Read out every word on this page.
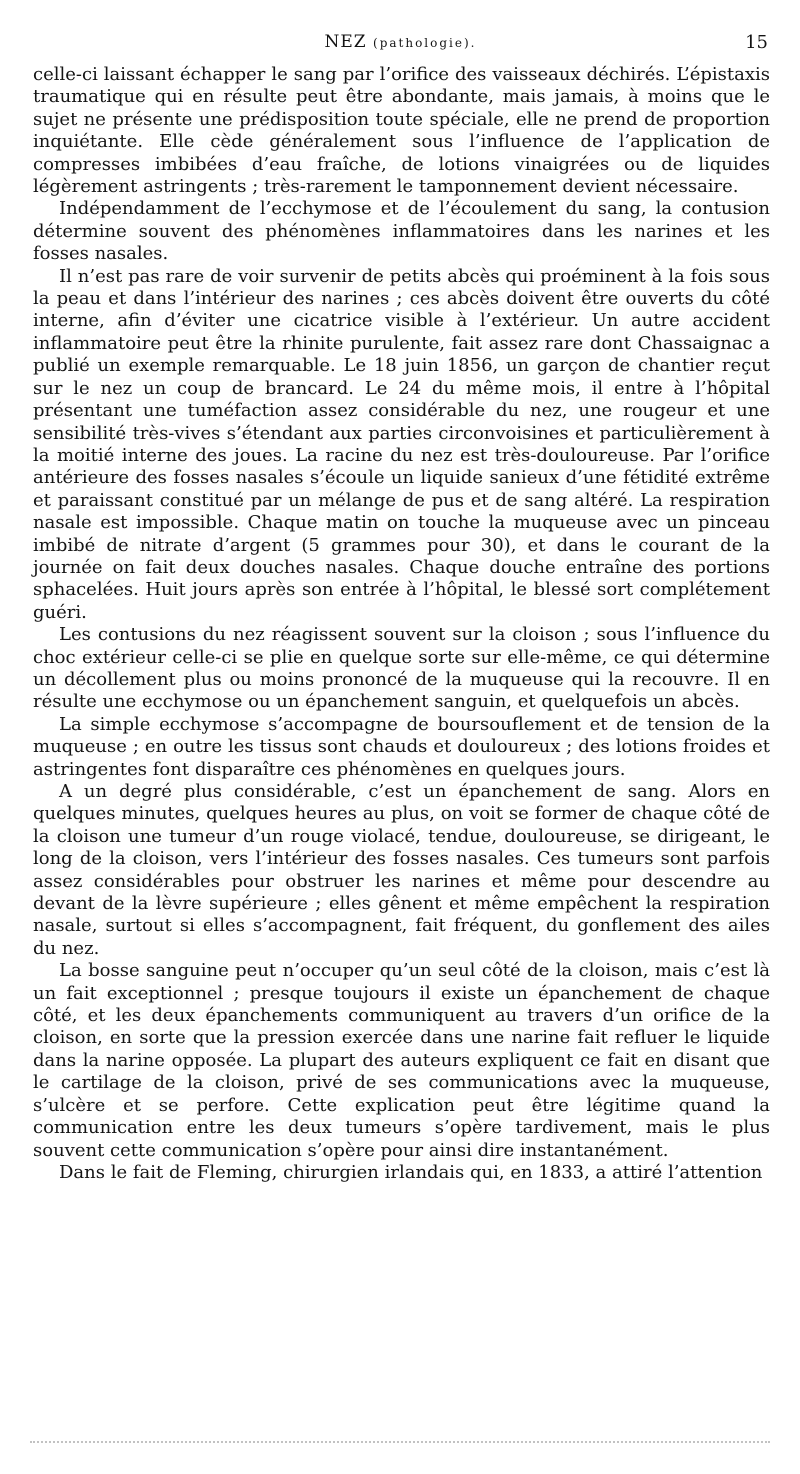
NEZ (pathologie).	15

celle-ci laissant échapper le sang par l’orifice des vaisseaux déchirés. L’épistaxis traumatique qui en résulte peut être abondante, mais jamais, à moins que le sujet ne présente une prédisposition toute spéciale, elle ne prend de proportion inquiétante. Elle cède généralement sous l’influence de l’application de compresses imbibées d’eau fraîche, de lotions vinaigrées ou de liquides légèrement astringents ; très-rarement le tamponnement devient nécessaire.

Indépendamment de l’ecchymose et de l’écoulement du sang, la contusion détermine souvent des phénomènes inflammatoires dans les narines et les fosses nasales.

Il n’est pas rare de voir survenir de petits abcès qui proéminent à la fois sous la peau et dans l’intérieur des narines ; ces abcès doivent être ouverts du côté interne, afin d’éviter une cicatrice visible à l’extérieur. Un autre accident inflammatoire peut être la rhinite purulente, fait assez rare dont Chassaignac a publié un exemple remarquable. Le 18 juin 1856, un garçon de chantier reçut sur le nez un coup de brancard. Le 24 du même mois, il entre à l’hôpital présentant une tuméfaction assez considérable du nez, une rougeur et une sensibilité très-vives s’étendant aux parties circonvoisines et particulièrement à la moitié interne des joues. La racine du nez est très-douloureuse. Par l’orifice antérieure des fosses nasales s’écoule un liquide sanieux d’une fétidité extrême et paraissant constitué par un mélange de pus et de sang altéré. La respiration nasale est impossible. Chaque matin on touche la muqueuse avec un pinceau imbibé de nitrate d’argent (5 grammes pour 30), et dans le courant de la journée on fait deux douches nasales. Chaque douche entraîne des portions sphacelées. Huit jours après son entrée à l’hôpital, le blessé sort complétement guéri.

Les contusions du nez réagissent souvent sur la cloison ; sous l’influence du choc extérieur celle-ci se plie en quelque sorte sur elle-même, ce qui détermine un décollement plus ou moins prononcé de la muqueuse qui la recouvre. Il en résulte une ecchymose ou un épanchement sanguin, et quelquefois un abcès.

La simple ecchymose s’accompagne de boursouflement et de tension de la muqueuse ; en outre les tissus sont chauds et douloureux ; des lotions froides et astringentes font disparaître ces phénomènes en quelques jours.

A un degré plus considérable, c’est un épanchement de sang. Alors en quelques minutes, quelques heures au plus, on voit se former de chaque côté de la cloison une tumeur d’un rouge violacé, tendue, douloureuse, se dirigeant, le long de la cloison, vers l’intérieur des fosses nasales. Ces tumeurs sont parfois assez considérables pour obstruer les narines et même pour descendre au devant de la lèvre supérieure ; elles gênent et même empêchent la respiration nasale, surtout si elles s’accompagnent, fait fréquent, du gonflement des ailes du nez.

La bosse sanguine peut n’occuper qu’un seul côté de la cloison, mais c’est là un fait exceptionnel ; presque toujours il existe un épanchement de chaque côté, et les deux épanchements communiquent au travers d’un orifice de la cloison, en sorte que la pression exercée dans une narine fait refluer le liquide dans la narine opposée. La plupart des auteurs expliquent ce fait en disant que le cartilage de la cloison, privé de ses communications avec la muqueuse, s’ulcère et se perfore. Cette explication peut être légitime quand la communication entre les deux tumeurs s’opère tardivement, mais le plus souvent cette communication s’opère pour ainsi dire instantanément.

Dans le fait de Fleming, chirurgien irlandais qui, en 1833, a attiré l’attention
